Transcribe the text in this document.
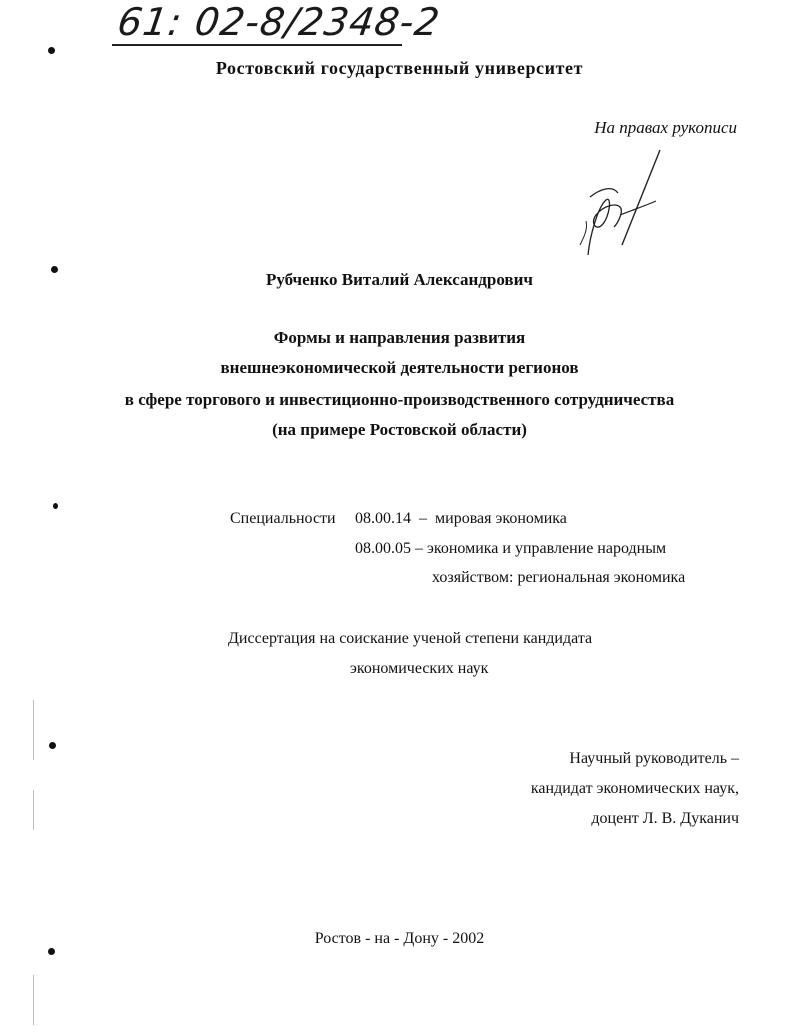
61: 02-8/2348-2
Ростовский государственный университет
На правах рукописи
Рубченко Виталий Александрович
Формы и направления развития
внешнеэкономической деятельности регионов
в сфере торгового и инвестиционно-производственного сотрудничества
(на примере Ростовской области)
Специальности 08.00.14  –  мировая экономика
08.00.05 – экономика и управление народным
хозяйством: региональная экономика
Диссертация на соискание ученой степени кандидата
экономических наук
Научный руководитель –
кандидат экономических наук,
доцент Л. В. Дуканич
Ростов - на - Дону - 2002
